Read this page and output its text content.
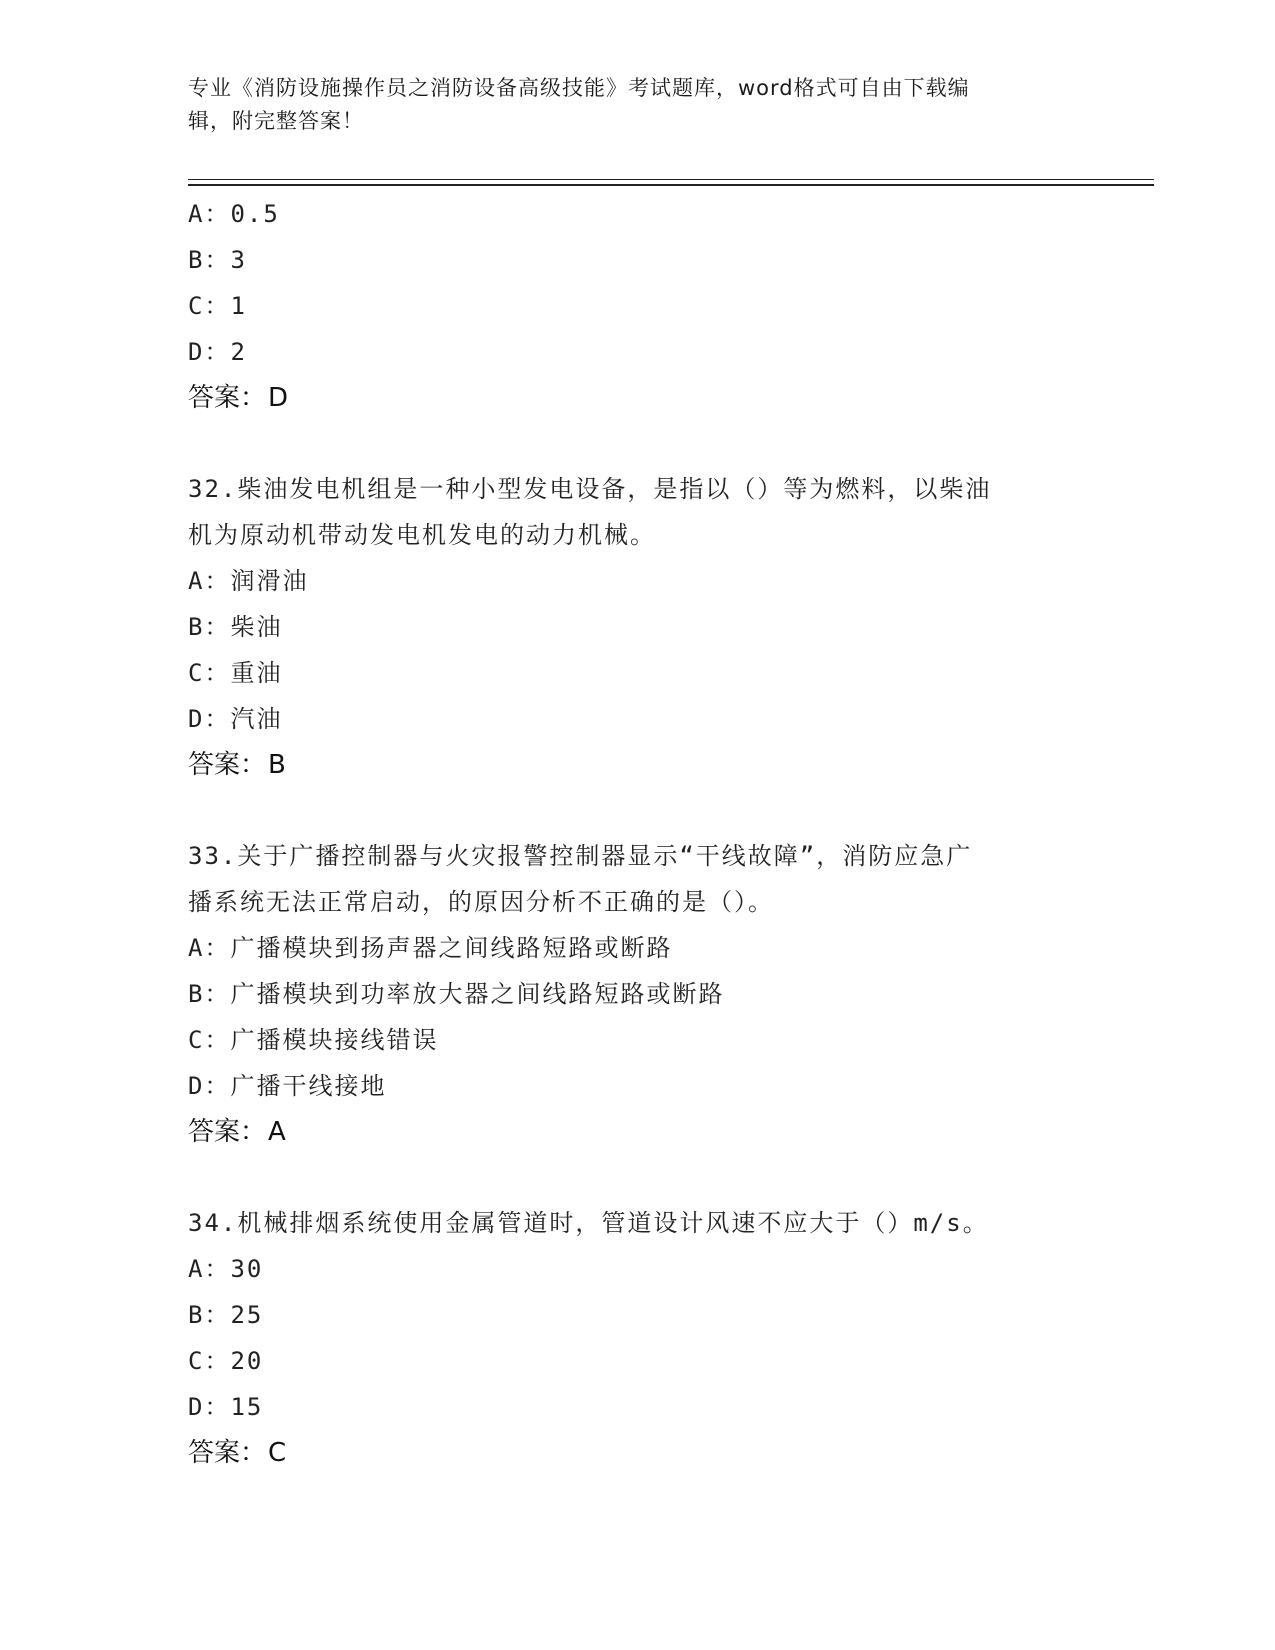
专业《消防设施操作员之消防设备高级技能》考试题库，word格式可自由下载编
辑，附完整答案！
A：0.5
B：3
C：1
D：2
答案：D
32.柴油发电机组是一种小型发电设备，是指以（）等为燃料，以柴油
机为原动机带动发电机发电的动力机械。
A：润滑油
B：柴油
C：重油
D：汽油
答案：B
33.关于广播控制器与火灾报警控制器显示“干线故障”，消防应急广
播系统无法正常启动，的原因分析不正确的是（）。
A：广播模块到扬声器之间线路短路或断路
B：广播模块到功率放大器之间线路短路或断路
C：广播模块接线错误
D：广播干线接地
答案：A
34.机械排烟系统使用金属管道时，管道设计风速不应大于（）m/s。
A：30
B：25
C：20
D：15
答案：C
